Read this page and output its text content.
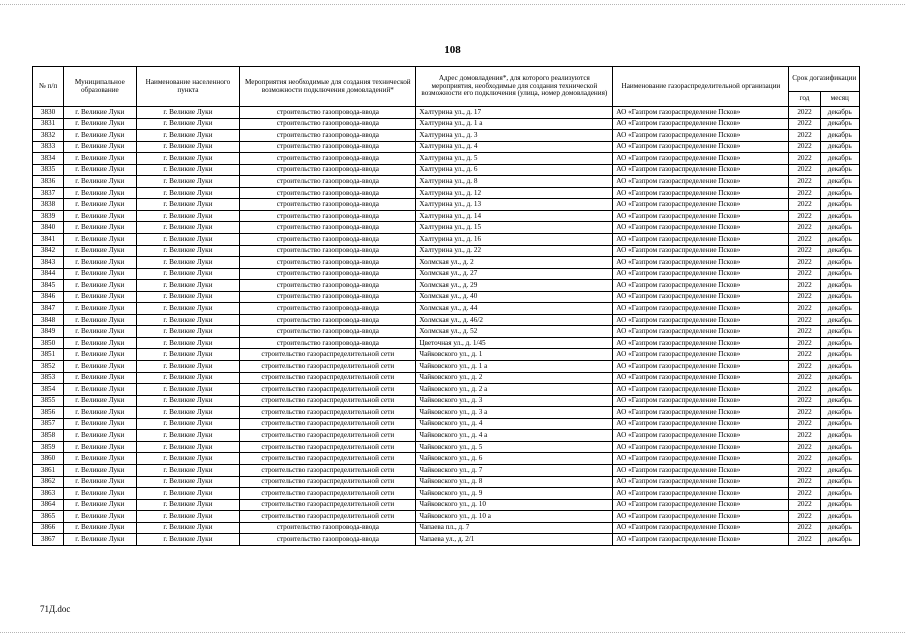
108
№ п/п	Муниципальное образование	Наименование населенного пункта	Мероприятия необходимые для создания технической возможности подключения домовладений*	Адрес домовладения*, для которого реализуются мероприятия, необходимые для создания технической возможности его подключения (улица, номер домовладения)	Наименование газораспределительной организации	Срок догазификации	
						год	месяц
3830	г. Великие Луки	г. Великие Луки	строительство газопровода-ввода	Халтурина ул., д. 17	АО «Газпром газораспределение Псков»	2022	декабрь
3831	г. Великие Луки	г. Великие Луки	строительство газопровода-ввода	Халтурина ул., д. 1 а	АО «Газпром газораспределение Псков»	2022	декабрь
3832	г. Великие Луки	г. Великие Луки	строительство газопровода-ввода	Халтурина ул., д. 3	АО «Газпром газораспределение Псков»	2022	декабрь
3833	г. Великие Луки	г. Великие Луки	строительство газопровода-ввода	Халтурина ул., д. 4	АО «Газпром газораспределение Псков»	2022	декабрь
3834	г. Великие Луки	г. Великие Луки	строительство газопровода-ввода	Халтурина ул., д. 5	АО «Газпром газораспределение Псков»	2022	декабрь
3835	г. Великие Луки	г. Великие Луки	строительство газопровода-ввода	Халтурина ул., д. 6	АО «Газпром газораспределение Псков»	2022	декабрь
3836	г. Великие Луки	г. Великие Луки	строительство газопровода-ввода	Халтурина ул., д. 8	АО «Газпром газораспределение Псков»	2022	декабрь
3837	г. Великие Луки	г. Великие Луки	строительство газопровода-ввода	Халтурина ул., д. 12	АО «Газпром газораспределение Псков»	2022	декабрь
3838	г. Великие Луки	г. Великие Луки	строительство газопровода-ввода	Халтурина ул., д. 13	АО «Газпром газораспределение Псков»	2022	декабрь
3839	г. Великие Луки	г. Великие Луки	строительство газопровода-ввода	Халтурина ул., д. 14	АО «Газпром газораспределение Псков»	2022	декабрь
3840	г. Великие Луки	г. Великие Луки	строительство газопровода-ввода	Халтурина ул., д. 15	АО «Газпром газораспределение Псков»	2022	декабрь
3841	г. Великие Луки	г. Великие Луки	строительство газопровода-ввода	Халтурина ул., д. 16	АО «Газпром газораспределение Псков»	2022	декабрь
3842	г. Великие Луки	г. Великие Луки	строительство газопровода-ввода	Халтурина ул., д. 22	АО «Газпром газораспределение Псков»	2022	декабрь
3843	г. Великие Луки	г. Великие Луки	строительство газопровода-ввода	Холмская ул., д. 2	АО «Газпром газораспределение Псков»	2022	декабрь
3844	г. Великие Луки	г. Великие Луки	строительство газопровода-ввода	Холмская ул., д. 27	АО «Газпром газораспределение Псков»	2022	декабрь
3845	г. Великие Луки	г. Великие Луки	строительство газопровода-ввода	Холмская ул., д. 29	АО «Газпром газораспределение Псков»	2022	декабрь
3846	г. Великие Луки	г. Великие Луки	строительство газопровода-ввода	Холмская ул., д. 40	АО «Газпром газораспределение Псков»	2022	декабрь
3847	г. Великие Луки	г. Великие Луки	строительство газопровода-ввода	Холмская ул., д. 44	АО «Газпром газораспределение Псков»	2022	декабрь
3848	г. Великие Луки	г. Великие Луки	строительство газопровода-ввода	Холмская ул., д. 46/2	АО «Газпром газораспределение Псков»	2022	декабрь
3849	г. Великие Луки	г. Великие Луки	строительство газопровода-ввода	Холмская ул., д. 52	АО «Газпром газораспределение Псков»	2022	декабрь
3850	г. Великие Луки	г. Великие Луки	строительство газопровода-ввода	Цветочная ул., д. 1/45	АО «Газпром газораспределение Псков»	2022	декабрь
3851	г. Великие Луки	г. Великие Луки	строительство газораспределительной сети	Чайковского ул., д. 1	АО «Газпром газораспределение Псков»	2022	декабрь
3852	г. Великие Луки	г. Великие Луки	строительство газораспределительной сети	Чайковского ул., д. 1 а	АО «Газпром газораспределение Псков»	2022	декабрь
3853	г. Великие Луки	г. Великие Луки	строительство газораспределительной сети	Чайковского ул., д. 2	АО «Газпром газораспределение Псков»	2022	декабрь
3854	г. Великие Луки	г. Великие Луки	строительство газораспределительной сети	Чайковского ул., д. 2 а	АО «Газпром газораспределение Псков»	2022	декабрь
3855	г. Великие Луки	г. Великие Луки	строительство газораспределительной сети	Чайковского ул., д. 3	АО «Газпром газораспределение Псков»	2022	декабрь
3856	г. Великие Луки	г. Великие Луки	строительство газораспределительной сети	Чайковского ул., д. 3 а	АО «Газпром газораспределение Псков»	2022	декабрь
3857	г. Великие Луки	г. Великие Луки	строительство газораспределительной сети	Чайковского ул., д. 4	АО «Газпром газораспределение Псков»	2022	декабрь
3858	г. Великие Луки	г. Великие Луки	строительство газораспределительной сети	Чайковского ул., д. 4 а	АО «Газпром газораспределение Псков»	2022	декабрь
3859	г. Великие Луки	г. Великие Луки	строительство газораспределительной сети	Чайковского ул., д. 5	АО «Газпром газораспределение Псков»	2022	декабрь
3860	г. Великие Луки	г. Великие Луки	строительство газораспределительной сети	Чайковского ул., д. 6	АО «Газпром газораспределение Псков»	2022	декабрь
3861	г. Великие Луки	г. Великие Луки	строительство газораспределительной сети	Чайковского ул., д. 7	АО «Газпром газораспределение Псков»	2022	декабрь
3862	г. Великие Луки	г. Великие Луки	строительство газораспределительной сети	Чайковского ул., д. 8	АО «Газпром газораспределение Псков»	2022	декабрь
3863	г. Великие Луки	г. Великие Луки	строительство газораспределительной сети	Чайковского ул., д. 9	АО «Газпром газораспределение Псков»	2022	декабрь
3864	г. Великие Луки	г. Великие Луки	строительство газораспределительной сети	Чайковского ул., д. 10	АО «Газпром газораспределение Псков»	2022	декабрь
3865	г. Великие Луки	г. Великие Луки	строительство газораспределительной сети	Чайковского ул., д. 10 а	АО «Газпром газораспределение Псков»	2022	декабрь
3866	г. Великие Луки	г. Великие Луки	строительство газопровода-ввода	Чапаева пл., д. 7	АО «Газпром газораспределение Псков»	2022	декабрь
3867	г. Великие Луки	г. Великие Луки	строительство газопровода-ввода	Чапаева ул., д. 2/1	АО «Газпром газораспределение Псков»	2022	декабрь
71Д.doc
